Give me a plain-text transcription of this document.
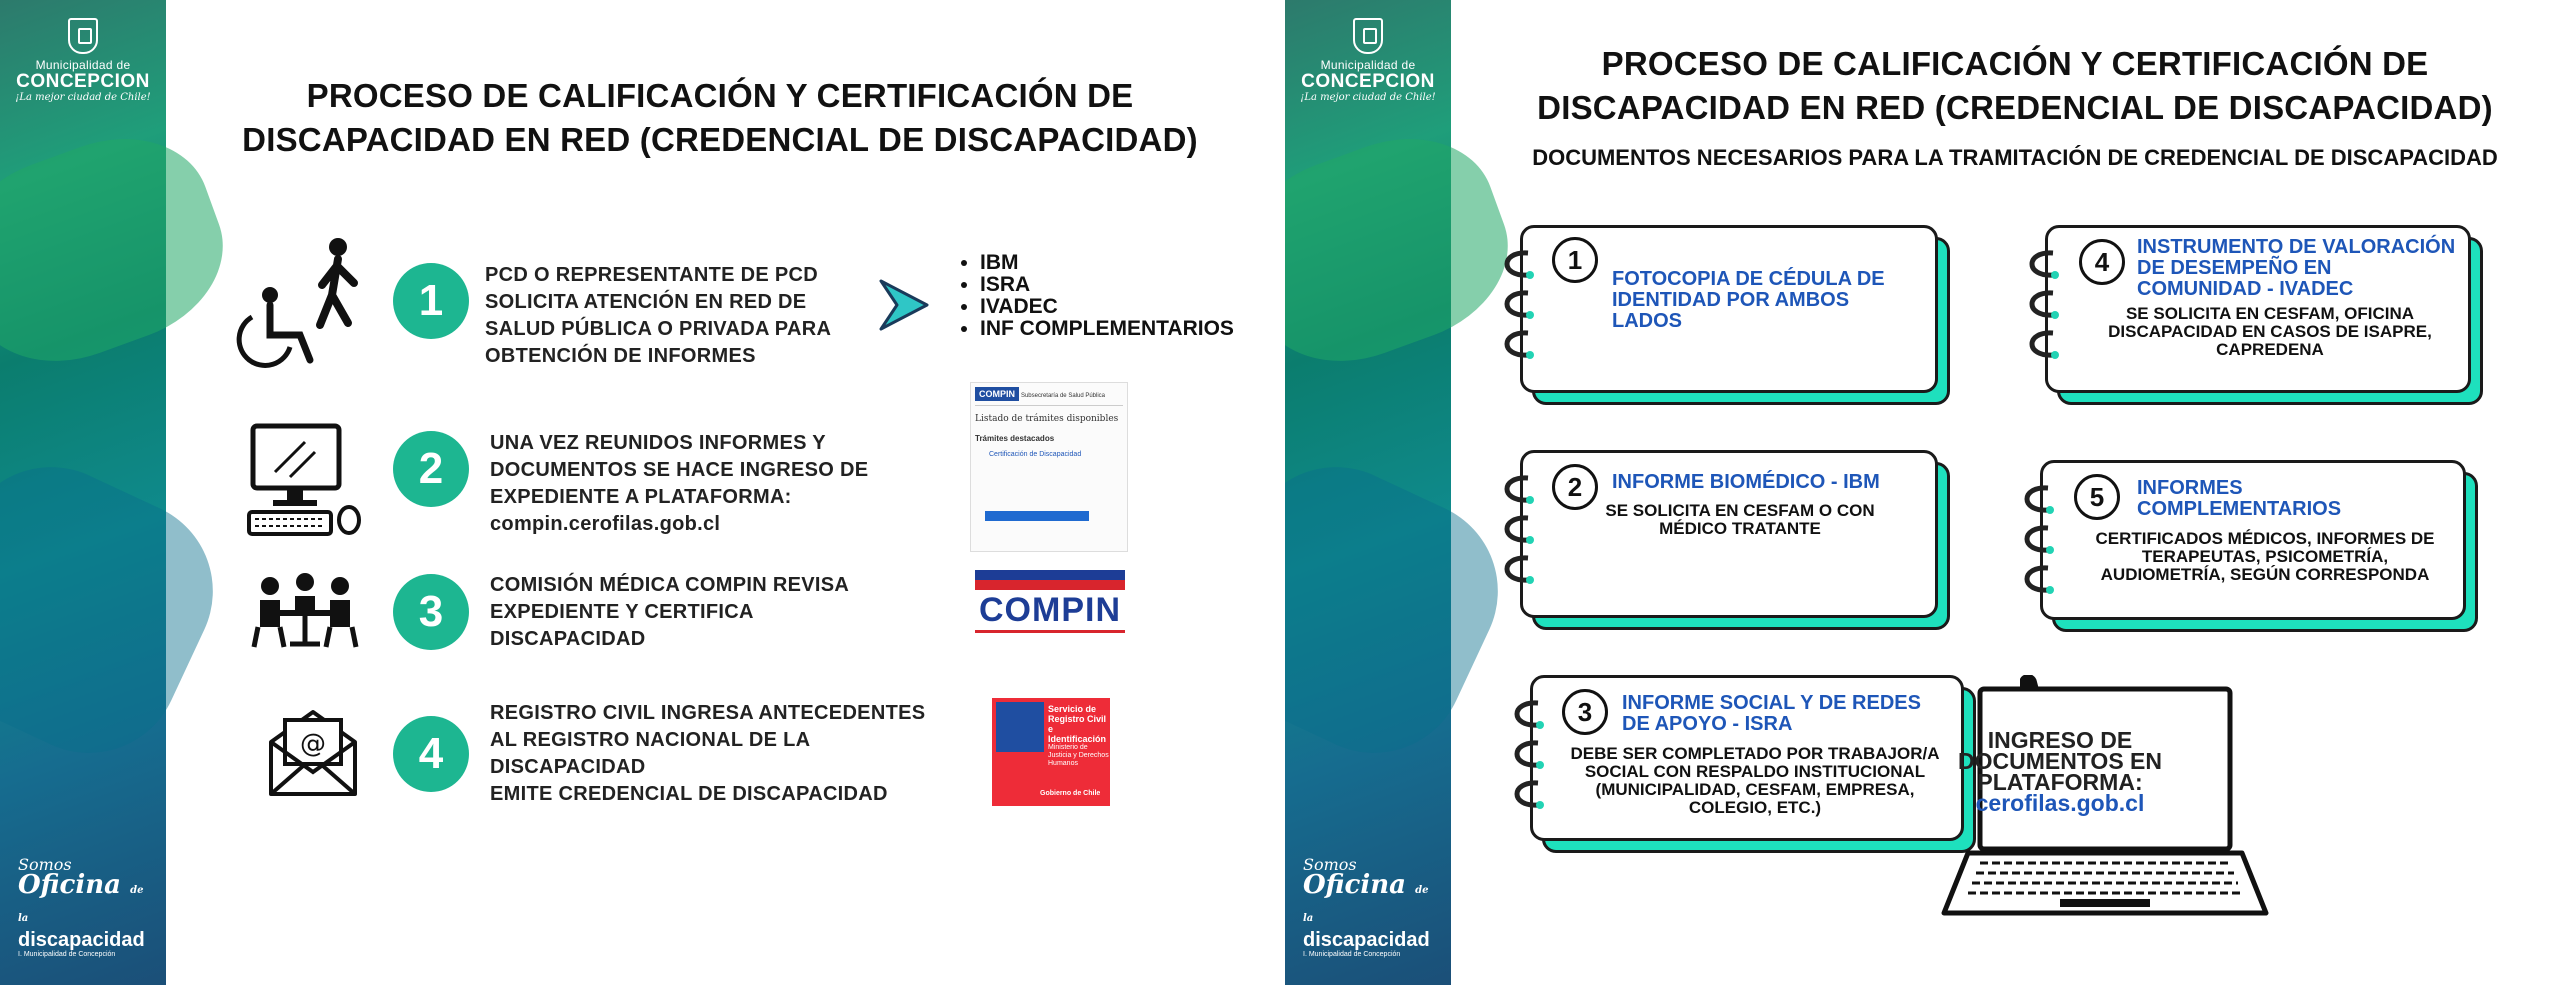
Municipalidad de
CONCEPCION
¡La mejor ciudad de Chile!
Somos
Oficina de la
discapacidad
I. Municipalidad de Concepción
PROCESO DE CALIFICACIÓN Y CERTIFICACIÓN DE DISCAPACIDAD EN RED (CREDENCIAL DE DISCAPACIDAD)
1
PCD O REPRESENTANTE DE PCD SOLICITA ATENCIÓN EN RED DE SALUD PÚBLICA O PRIVADA PARA OBTENCIÓN DE INFORMES
• IBM
• ISRA
• IVADEC
• INF COMPLEMENTARIOS
2
UNA VEZ REUNIDOS INFORMES Y DOCUMENTOS SE HACE INGRESO DE EXPEDIENTE A PLATAFORMA:
compin.cerofilas.gob.cl
COMPIN Subsecretaría de Salud Pública
Listado de trámites disponibles
Trámites destacados
Certificación de Discapacidad
3
COMISIÓN MÉDICA COMPIN REVISA EXPEDIENTE Y CERTIFICA DISCAPACIDAD
COMPIN
@	4
REGISTRO CIVIL INGRESA ANTECEDENTES AL REGISTRO NACIONAL DE LA DISCAPACIDAD
EMITE CREDENCIAL DE DISCAPACIDAD
Servicio de Registro Civil e Identificación
Ministerio de Justicia y Derechos Humanos
Gobierno de Chile
Municipalidad de
CONCEPCION
¡La mejor ciudad de Chile!
Somos
Oficina de la
discapacidad
I. Municipalidad de Concepción
PROCESO DE CALIFICACIÓN Y CERTIFICACIÓN DE DISCAPACIDAD EN RED (CREDENCIAL DE DISCAPACIDAD)
DOCUMENTOS NECESARIOS PARA LA TRAMITACIÓN DE CREDENCIAL DE DISCAPACIDAD
1
FOTOCOPIA DE CÉDULA DE IDENTIDAD POR AMBOS LADOS
2	INFORME BIOMÉDICO - IBM
SE SOLICITA EN CESFAM O CON MÉDICO TRATANTE
3	INFORME SOCIAL Y DE REDES DE APOYO - ISRA
DEBE SER COMPLETADO POR TRABAJOR/A SOCIAL CON RESPALDO INSTITUCIONAL (MUNICIPALIDAD, CESFAM, EMPRESA, COLEGIO, ETC.)
4	INSTRUMENTO DE VALORACIÓN DE DESEMPEÑO EN COMUNIDAD - IVADEC
SE SOLICITA EN CESFAM, OFICINA DISCAPACIDAD EN CASOS DE ISAPRE, CAPREDENA
5	INFORMES COMPLEMENTARIOS
CERTIFICADOS MÉDICOS, INFORMES DE TERAPEUTAS, PSICOMETRÍA, AUDIOMETRÍA, SEGÚN CORRESPONDA
INGRESO DE DOCUMENTOS EN PLATAFORMA:
cerofilas.gob.cl
